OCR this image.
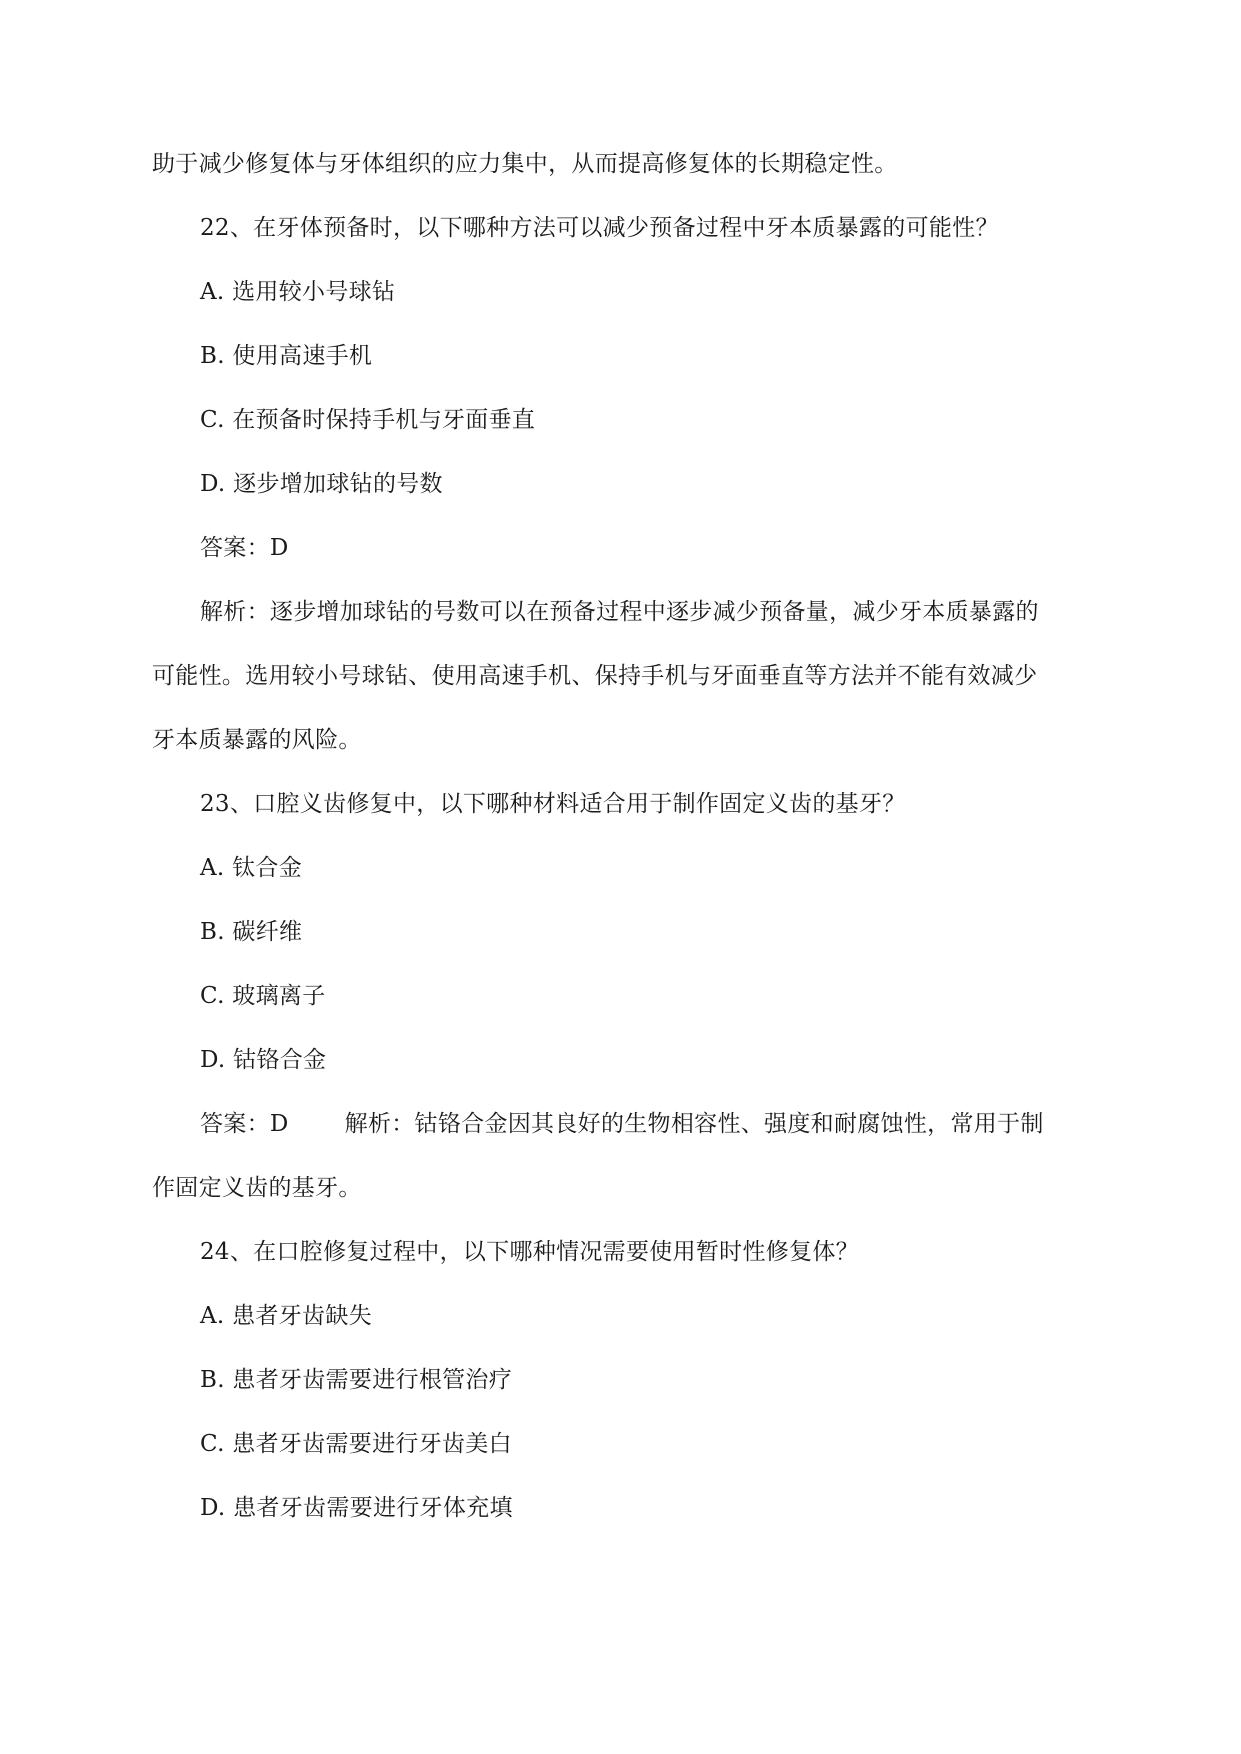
助于减少修复体与牙体组织的应力集中，从而提高修复体的长期稳定性。
22、在牙体预备时，以下哪种方法可以减少预备过程中牙本质暴露的可能性？
A. 选用较小号球钻
B. 使用高速手机
C. 在预备时保持手机与牙面垂直
D. 逐步增加球钻的号数
答案：D
解析：逐步增加球钻的号数可以在预备过程中逐步减少预备量，减少牙本质暴露的
可能性。选用较小号球钻、使用高速手机、保持手机与牙面垂直等方法并不能有效减少
牙本质暴露的风险。
23、口腔义齿修复中，以下哪种材料适合用于制作固定义齿的基牙？
A. 钛合金
B. 碳纤维
C. 玻璃离子
D. 钴铬合金
答案：D 解析：钴铬合金因其良好的生物相容性、强度和耐腐蚀性，常用于制
作固定义齿的基牙。
24、在口腔修复过程中，以下哪种情况需要使用暂时性修复体？
A. 患者牙齿缺失
B. 患者牙齿需要进行根管治疗
C. 患者牙齿需要进行牙齿美白
D. 患者牙齿需要进行牙体充填
